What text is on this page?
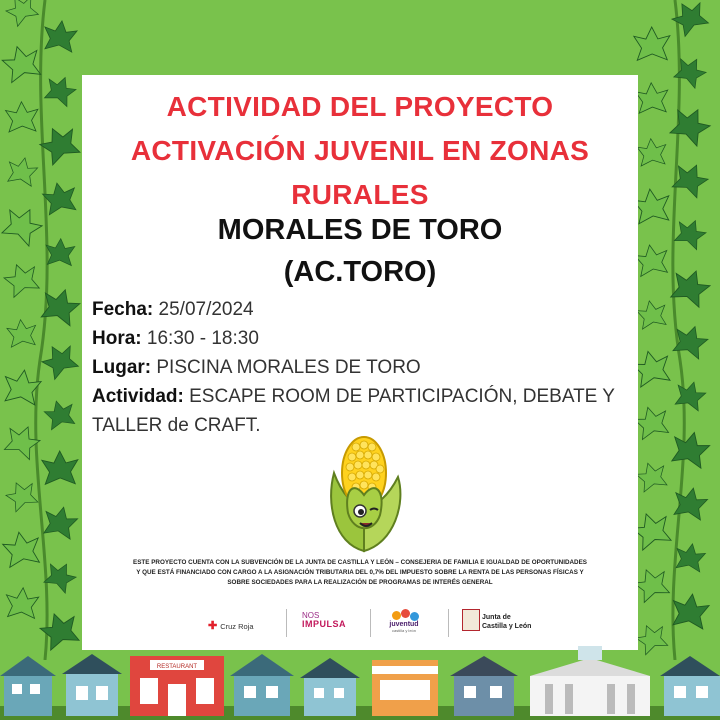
ACTIVIDAD DEL PROYECTO
ACTIVACIÓN JUVENIL EN ZONAS
RURALES
MORALES DE TORO
(AC.TORO)
Fecha: 25/07/2024
Hora: 16:30 - 18:30
Lugar: PISCINA MORALES DE TORO
Actividad: ESCAPE ROOM DE PARTICIPACIÓN, DEBATE Y
TALLER de CRAFT.
ESTE PROYECTO CUENTA CON LA SUBVENCIÓN DE LA JUNTA DE CASTILLA Y LEÓN – CONSEJERIA DE FAMILIA E IGUALDAD DE OPORTUNIDADES
Y QUE ESTÁ FINANCIADO CON CARGO A LA ASIGNACIÓN TRIBUTARIA DEL 0,7% DEL IMPUESTO SOBRE LA RENTA DE LAS PERSONAS FÍSICAS Y
SOBRE SOCIEDADES PARA LA REALIZACIÓN DE PROGRAMAS DE INTERÉS GENERAL
✚ Cruz Roja
NOS
IMPULSA	juventud
castilla y león
Junta de
Castilla y León
RESTAURANT
